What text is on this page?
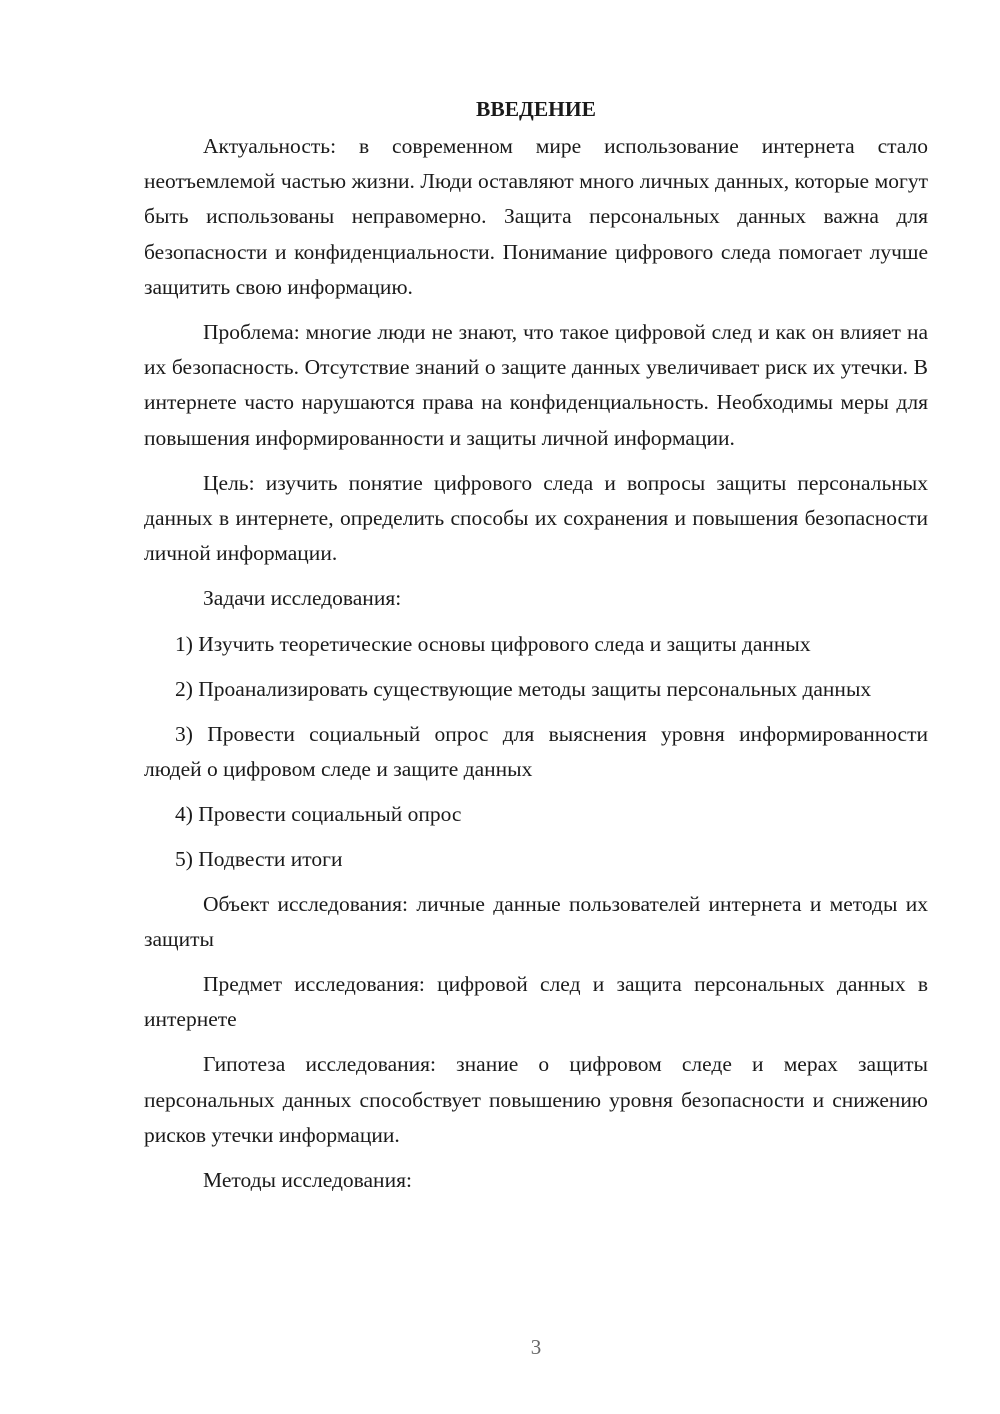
ВВЕДЕНИЕ

Актуальность: в современном мире использование интернета стало неотъемлемой частью жизни. Люди оставляют много личных данных, которые могут быть использованы неправомерно. Защита персональных данных важна для безопасности и конфиденциальности. Понимание цифрового следа помогает лучше защитить свою информацию.

Проблема: многие люди не знают, что такое цифровой след и как он влияет на их безопасность. Отсутствие знаний о защите данных увеличивает риск их утечки. В интернете часто нарушаются права на конфиденциальность. Необходимы меры для повышения информированности и защиты личной информации.

Цель: изучить понятие цифрового следа и вопросы защиты персональных данных в интернете, определить способы их сохранения и повышения безопасности личной информации.

Задачи исследования:

1) Изучить теоретические основы цифрового следа и защиты данных

2) Проанализировать существующие методы защиты персональных данных

3) Провести социальный опрос для выяснения уровня информированности людей о цифровом следе и защите данных

4) Провести социальный опрос

5) Подвести итоги

Объект исследования: личные данные пользователей интернета и методы их защиты

Предмет исследования: цифровой след и защита персональных данных в интернете

Гипотеза исследования: знание о цифровом следе и мерах защиты персональных данных способствует повышению уровня безопасности и снижению рисков утечки информации.

Методы исследования:

3
